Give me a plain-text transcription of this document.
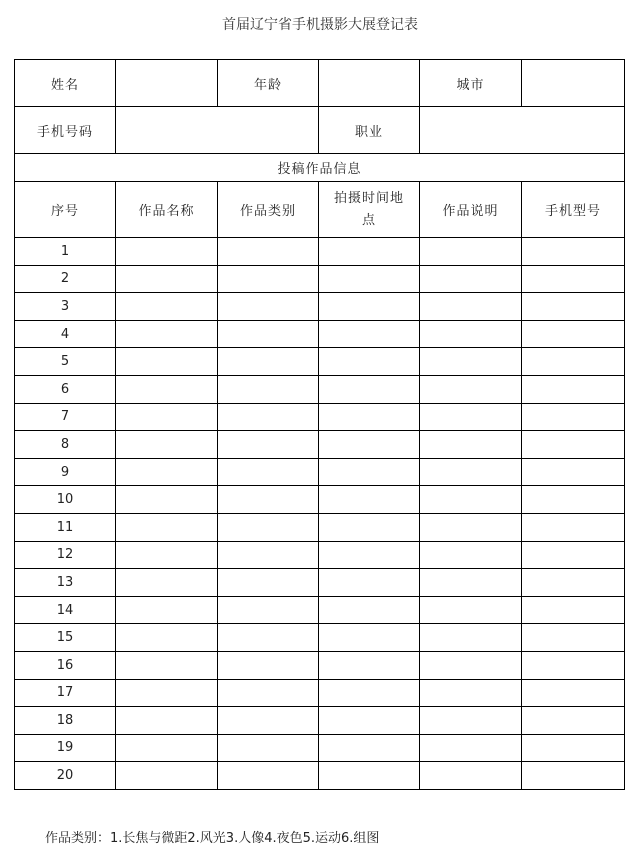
首届辽宁省手机摄影大展登记表
姓名		年龄		城市	
手机号码			职业		
投稿作品信息					
序号	作品名称	作品类别	拍摄时间地点	作品说明	手机型号
1					
2					
3					
4					
5					
6					
7					
8					
9					
10					
11					
12					
13					
14					
15					
16					
17					
18					
19					
20					
作品类别：1.长焦与微距2.风光3.人像4.夜色5.运动6.组图
